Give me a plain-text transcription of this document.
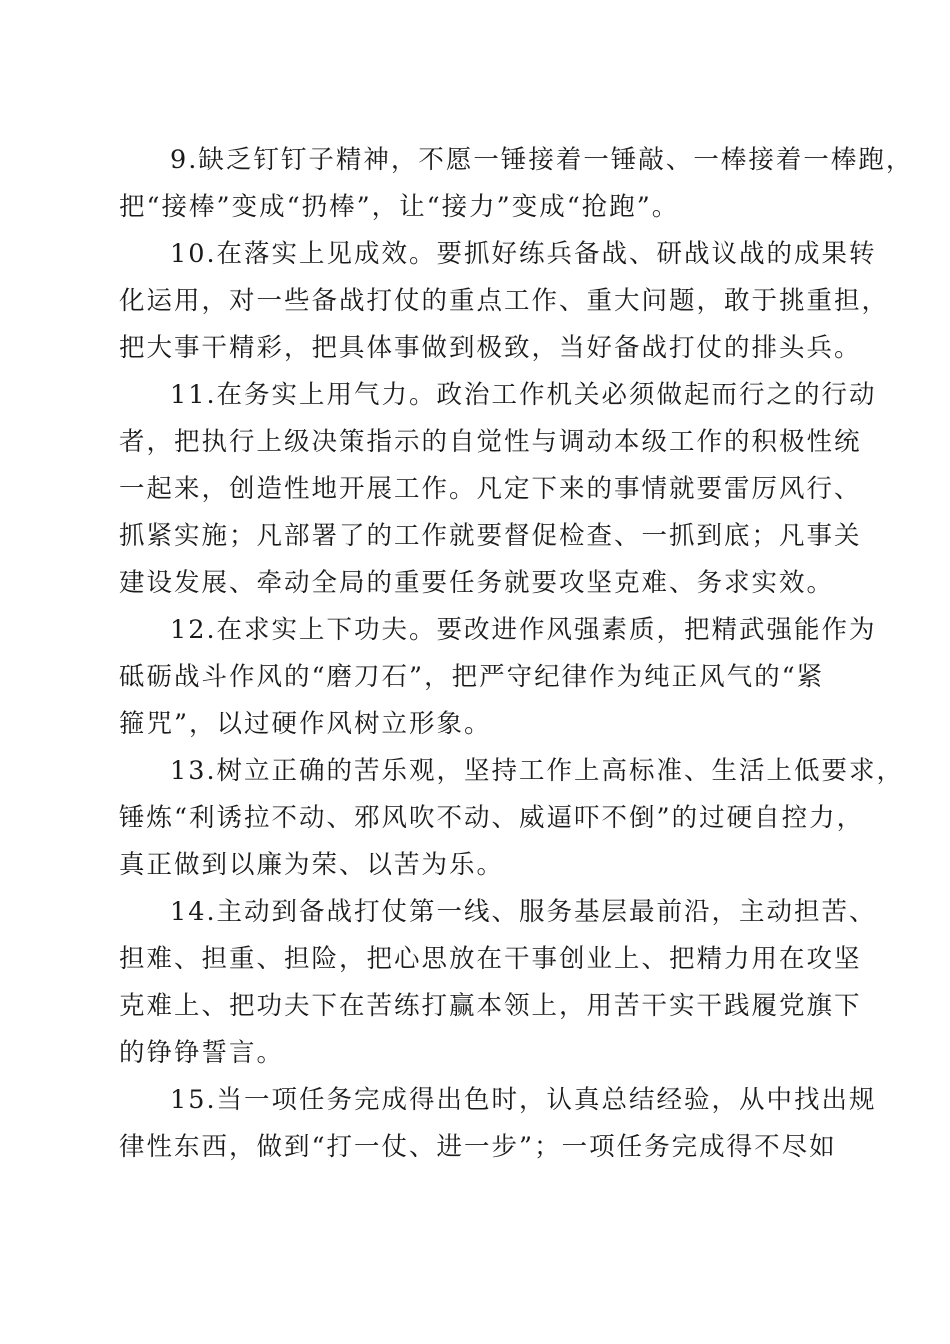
9.缺乏钉钉子精神，不愿一锤接着一锤敲、一棒接着一棒跑，
把“接棒”变成“扔棒”，让“接力”变成“抢跑”。

10.在落实上见成效。要抓好练兵备战、研战议战的成果转
化运用，对一些备战打仗的重点工作、重大问题，敢于挑重担，
把大事干精彩，把具体事做到极致，当好备战打仗的排头兵。

11.在务实上用气力。政治工作机关必须做起而行之的行动
者，把执行上级决策指示的自觉性与调动本级工作的积极性统
一起来，创造性地开展工作。凡定下来的事情就要雷厉风行、
抓紧实施；凡部署了的工作就要督促检查、一抓到底；凡事关
建设发展、牵动全局的重要任务就要攻坚克难、务求实效。

12.在求实上下功夫。要改进作风强素质，把精武强能作为
砥砺战斗作风的“磨刀石”，把严守纪律作为纯正风气的“紧
箍咒”，以过硬作风树立形象。

13.树立正确的苦乐观，坚持工作上高标准、生活上低要求，
锤炼“利诱拉不动、邪风吹不动、威逼吓不倒”的过硬自控力，
真正做到以廉为荣、以苦为乐。

14.主动到备战打仗第一线、服务基层最前沿，主动担苦、
担难、担重、担险，把心思放在干事创业上、把精力用在攻坚
克难上、把功夫下在苦练打赢本领上，用苦干实干践履党旗下
的铮铮誓言。

15.当一项任务完成得出色时，认真总结经验，从中找出规
律性东西，做到“打一仗、进一步”；一项任务完成得不尽如
